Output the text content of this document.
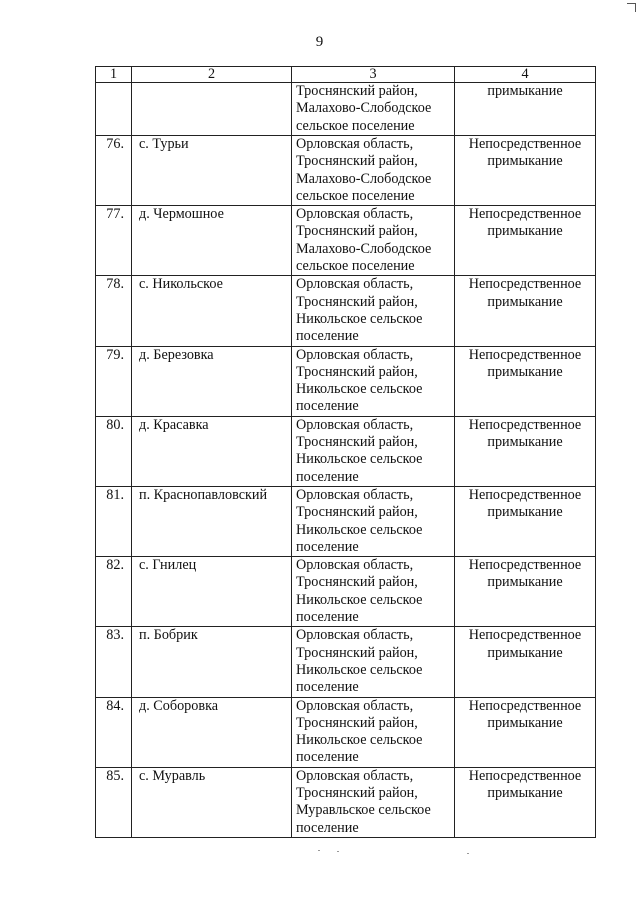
9
1	2	3	4

		Троснянский район,
Малахово-Слободское
сельское поселение	примыкание

76.	с. Турьи	Орловская область,
Троснянский район,
Малахово-Слободское
сельское поселение	Непосредственное
примыкание

77.	д. Чермошное	Орловская область,
Троснянский район,
Малахово-Слободское
сельское поселение	Непосредственное
примыкание

78.	с. Никольское	Орловская область,
Троснянский район,
Никольское сельское
поселение	Непосредственное
примыкание

79.	д. Березовка	Орловская область,
Троснянский район,
Никольское сельское
поселение	Непосредственное
примыкание

80.	д. Красавка	Орловская область,
Троснянский район,
Никольское сельское
поселение	Непосредственное
примыкание

81.	п. Краснопавловский	Орловская область,
Троснянский район,
Никольское сельское
поселение	Непосредственное
примыкание

82.	с. Гнилец	Орловская область,
Троснянский район,
Никольское сельское
поселение	Непосредственное
примыкание

83.	п. Бобрик	Орловская область,
Троснянский район,
Никольское сельское
поселение	Непосредственное
примыкание

84.	д. Соборовка	Орловская область,
Троснянский район,
Никольское сельское
поселение	Непосредственное
примыкание

85.	с. Муравль	Орловская область,
Троснянский район,
Муравльское сельское
поселение	Непосредственное
примыкание
